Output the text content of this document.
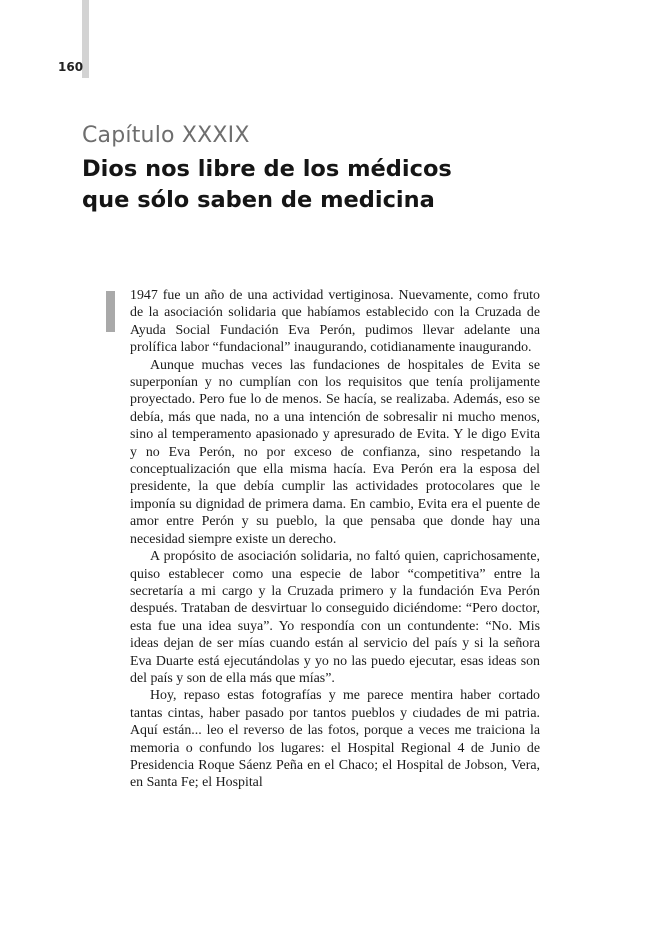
160
Capítulo XXXIX
Dios nos libre de los médicos
que sólo saben de medicina

1947 fue un año de una actividad vertiginosa. Nuevamente, como fruto de la asociación solidaria que habíamos establecido con la Cruzada de Ayuda Social Fundación Eva Perón, pudimos llevar adelante una prolífica labor “fundacional” inaugurando, cotidianamente inaugurando.

Aunque muchas veces las fundaciones de hospitales de Evita se superponían y no cumplían con los requisitos que tenía prolijamente proyectado. Pero fue lo de menos. Se hacía, se realizaba. Además, eso se debía, más que nada, no a una intención de sobresalir ni mucho menos, sino al temperamento apasionado y apresurado de Evita. Y le digo Evita y no Eva Perón, no por exceso de confianza, sino respetando la conceptualización que ella misma hacía. Eva Perón era la esposa del presidente, la que debía cumplir las actividades protocolares que le imponía su dignidad de primera dama. En cambio, Evita era el puente de amor entre Perón y su pueblo, la que pensaba que donde hay una necesidad siempre existe un derecho.

A propósito de asociación solidaria, no faltó quien, caprichosamente, quiso establecer como una especie de labor “competitiva” entre la secretaría a mi cargo y la Cruzada primero y la fundación Eva Perón después. Trataban de desvirtuar lo conseguido diciéndome: “Pero doctor, esta fue una idea suya”. Yo respondía con un contundente: “No. Mis ideas dejan de ser mías cuando están al servicio del país y si la señora Eva Duarte está ejecutándolas y yo no las puedo ejecutar, esas ideas son del país y son de ella más que mías”.

Hoy, repaso estas fotografías y me parece mentira haber cortado tantas cintas, haber pasado por tantos pueblos y ciudades de mi patria. Aquí están... leo el reverso de las fotos, porque a veces me traiciona la memoria o confundo los lugares: el Hospital Regional 4 de Junio de Presidencia Roque Sáenz Peña en el Chaco; el Hospital de Jobson, Vera, en Santa Fe; el Hospital
